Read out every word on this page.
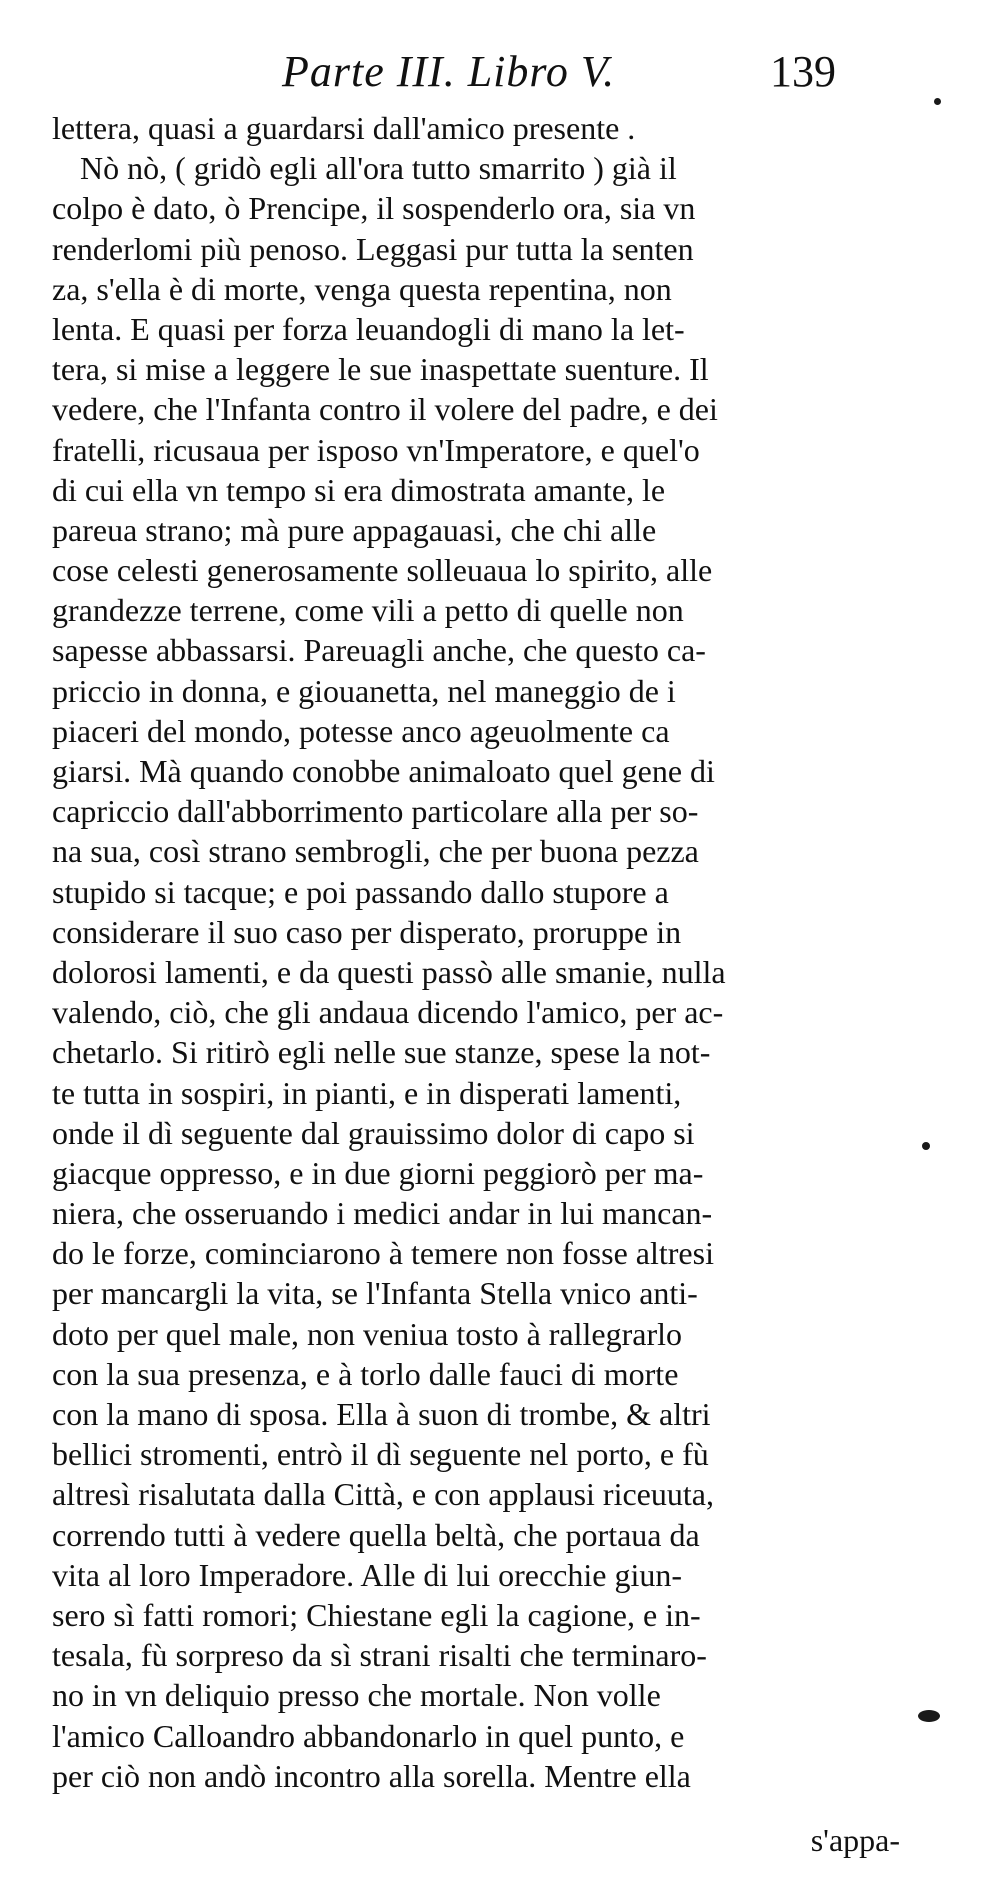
Parte III. Libro V.	139
lettera, quasi a guardarsi dall'amico presente .
Nò nò, ( gridò egli all'ora tutto smarrito ) già il
colpo è dato, ò Prencipe, il sospenderlo ora, sia vn
renderlomi più penoso. Leggasi pur tutta la senten
za, s'ella è di morte, venga questa repentina, non
lenta. E quasi per forza leuandogli di mano la let-
tera, si mise a leggere le sue inaspettate suenture. Il
vedere, che l'Infanta contro il volere del padre, e dei
fratelli, ricusaua per isposo vn'Imperatore, e quel'o
di cui ella vn tempo si era dimostrata amante, le
pareua strano; mà pure appagauasi, che chi alle
cose celesti generosamente solleuaua lo spirito, alle
grandezze terrene, come vili a petto di quelle non
sapesse abbassarsi. Pareuagli anche, che questo ca-
priccio in donna, e giouanetta, nel maneggio de i
piaceri del mondo, potesse anco ageuolmente ca
giarsi. Mà quando conobbe animaloato quel gene di
capriccio dall'abborrimento particolare alla per so-
na sua, così strano sembrogli, che per buona pezza
stupido si tacque; e poi passando dallo stupore a
considerare il suo caso per disperato, proruppe in
dolorosi lamenti, e da questi passò alle smanie, nulla
valendo, ciò, che gli andaua dicendo l'amico, per ac-
chetarlo. Si ritirò egli nelle sue stanze, spese la not-
te tutta in sospiri, in pianti, e in disperati lamenti,
onde il dì seguente dal grauissimo dolor di capo si
giacque oppresso, e in due giorni peggiorò per ma-
niera, che osseruando i medici andar in lui mancan-
do le forze, cominciarono à temere non fosse altresi
per mancargli la vita, se l'Infanta Stella vnico anti-
doto per quel male, non veniua tosto à rallegrarlo
con la sua presenza, e à torlo dalle fauci di morte
con la mano di sposa. Ella à suon di trombe, & altri
bellici stromenti, entrò il dì seguente nel porto, e fù
altresì risalutata dalla Città, e con applausi riceuuta,
correndo tutti à vedere quella beltà, che portaua da
vita al loro Imperadore. Alle di lui orecchie giun-
sero sì fatti romori; Chiestane egli la cagione, e in-
tesala, fù sorpreso da sì strani risalti che terminaro-
no in vn deliquio presso che mortale. Non volle
l'amico Calloandro abbandonarlo in quel punto, e
per ciò non andò incontro alla sorella. Mentre ella
s'appa-
